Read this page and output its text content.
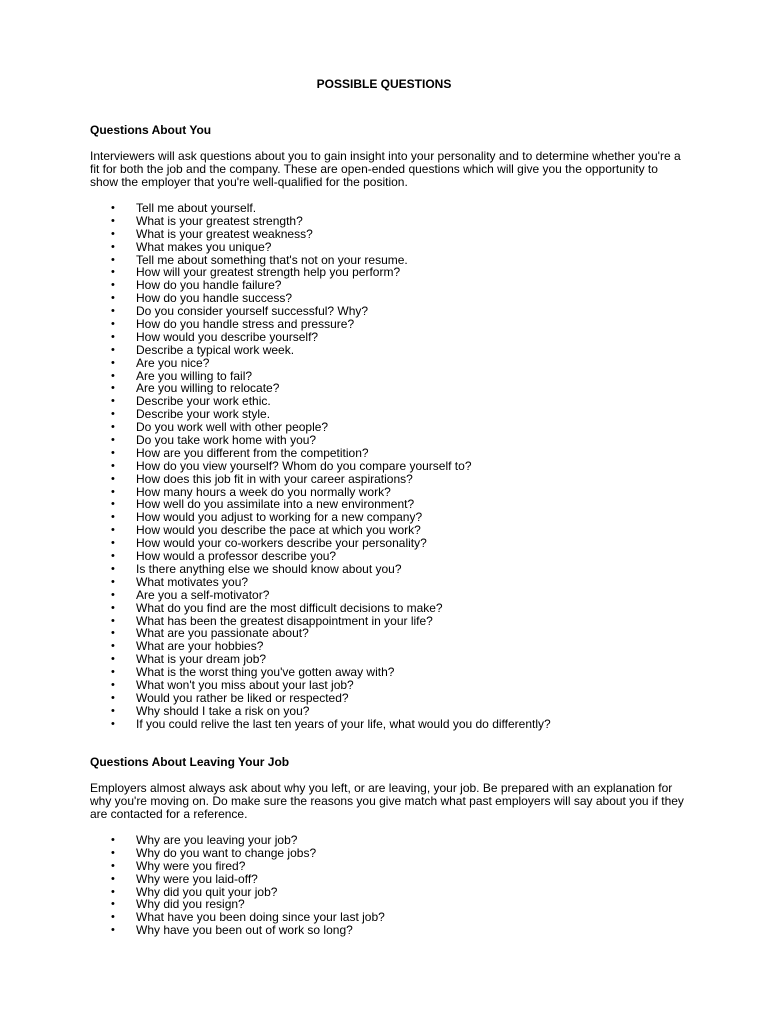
POSSIBLE QUESTIONS

Questions About You

Interviewers will ask questions about you to gain insight into your personality and to determine whether you're a fit for both the job and the company. These are open-ended questions which will give you the opportunity to show the employer that you're well-qualified for the position.

• Tell me about yourself.
• What is your greatest strength?
• What is your greatest weakness?
• What makes you unique?
• Tell me about something that's not on your resume.
• How will your greatest strength help you perform?
• How do you handle failure?
• How do you handle success?
• Do you consider yourself successful? Why?
• How do you handle stress and pressure?
• How would you describe yourself?
• Describe a typical work week.
• Are you nice?
• Are you willing to fail?
• Are you willing to relocate?
• Describe your work ethic.
• Describe your work style.
• Do you work well with other people?
• Do you take work home with you?
• How are you different from the competition?
• How do you view yourself? Whom do you compare yourself to?
• How does this job fit in with your career aspirations?
• How many hours a week do you normally work?
• How well do you assimilate into a new environment?
• How would you adjust to working for a new company?
• How would you describe the pace at which you work?
• How would your co-workers describe your personality?
• How would a professor describe you?
• Is there anything else we should know about you?
• What motivates you?
• Are you a self-motivator?
• What do you find are the most difficult decisions to make?
• What has been the greatest disappointment in your life?
• What are you passionate about?
• What are your hobbies?
• What is your dream job?
• What is the worst thing you've gotten away with?
• What won't you miss about your last job?
• Would you rather be liked or respected?
• Why should I take a risk on you?
• If you could relive the last ten years of your life, what would you do differently?

Questions About Leaving Your Job

Employers almost always ask about why you left, or are leaving, your job. Be prepared with an explanation for why you're moving on. Do make sure the reasons you give match what past employers will say about you if they are contacted for a reference.

• Why are you leaving your job?
• Why do you want to change jobs?
• Why were you fired?
• Why were you laid-off?
• Why did you quit your job?
• Why did you resign?
• What have you been doing since your last job?
• Why have you been out of work so long?
